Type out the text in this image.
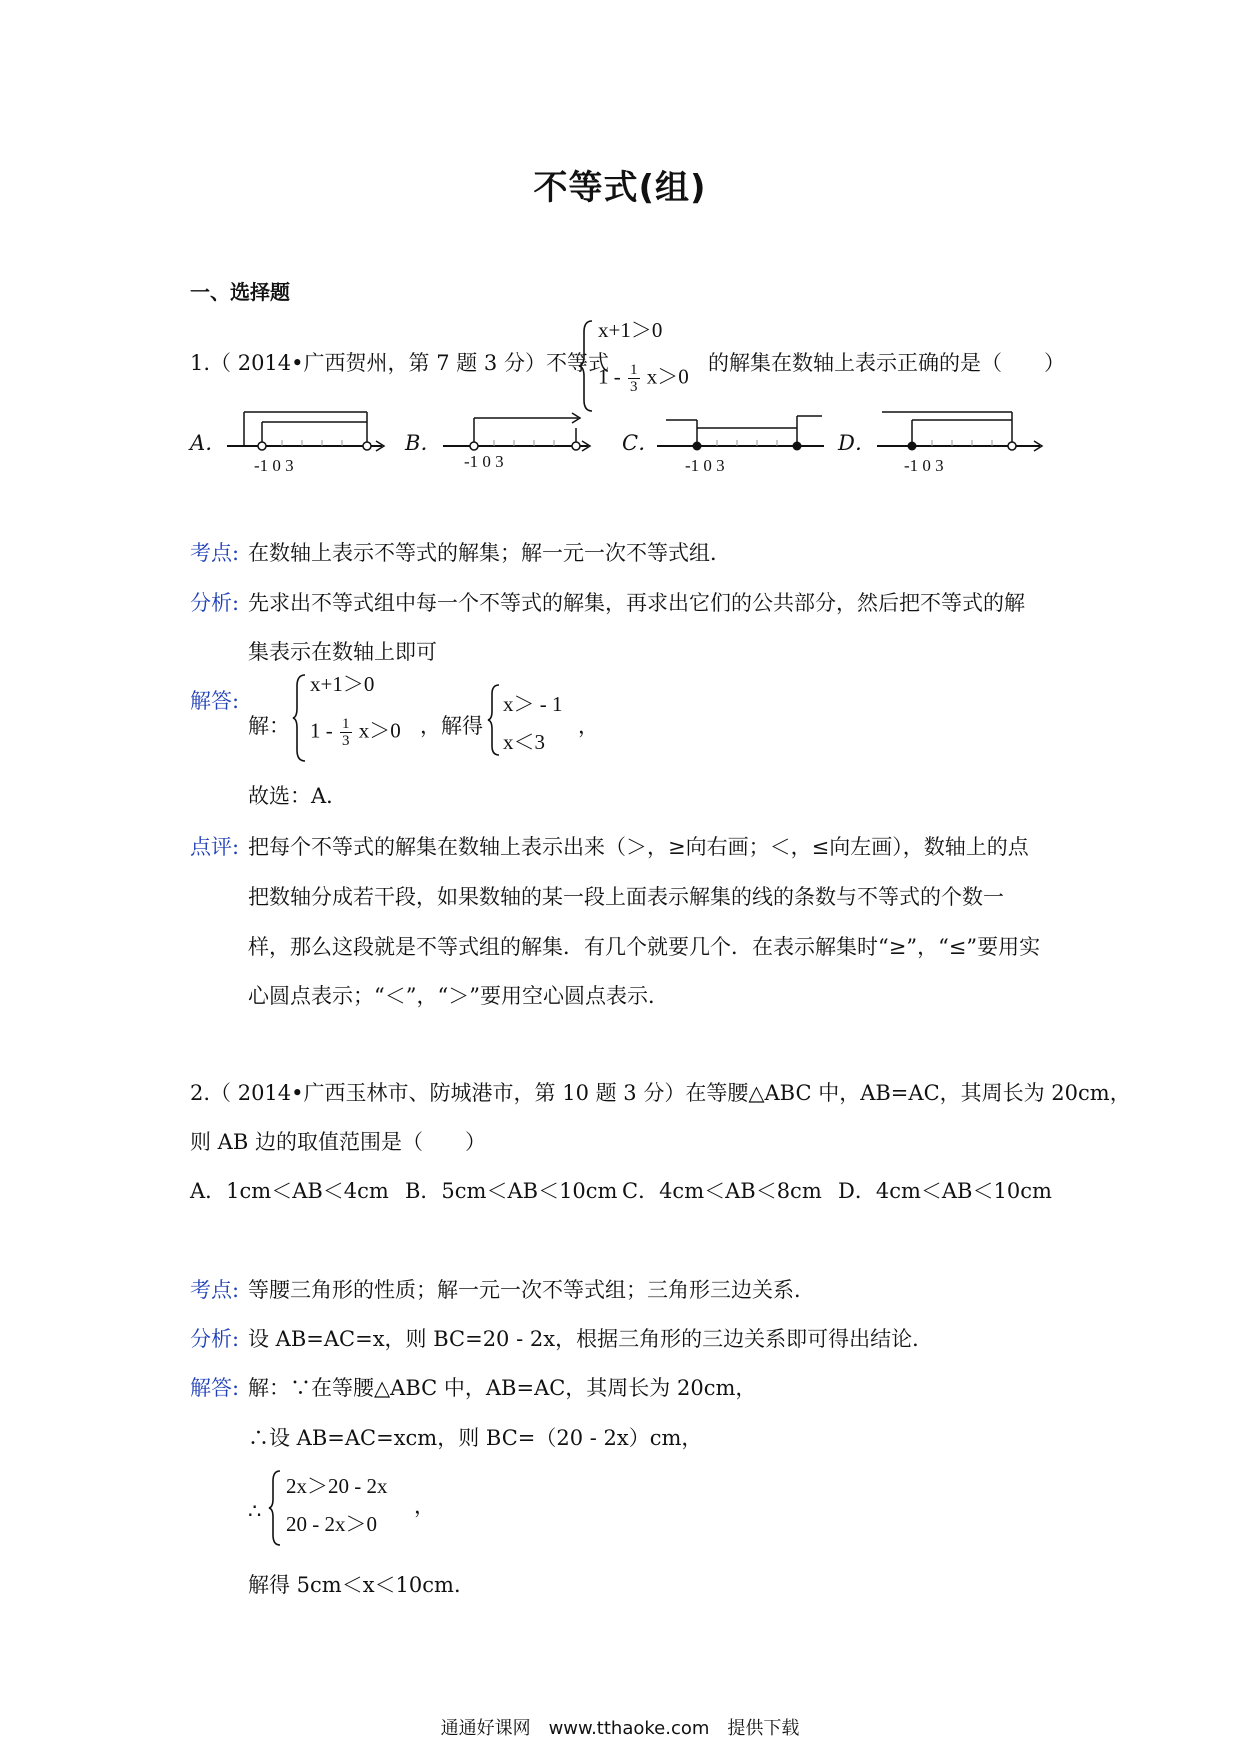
不等式(组)
一、选择题
1.（ 2014•广西贺州，第 7 题 3 分）不等式
x+1＞0
$1 - \frac{1}{3} x>0$
的解集在数轴上表示正确的是（　　）
A．
-1 0 3
B．
-1 0 3
C．
-1 0 3
D．
-1 0 3
考点: 在数轴上表示不等式的解集；解一元一次不等式组．
分析: 先求出不等式组中每一个不等式的解集，再求出它们的公共部分，然后把不等式的解
集表示在数轴上即可
解答:
解：
x+1＞0
$1 - \frac{1}{3} x>0$ ，解得
x＞ - 1
x＜3
，
故选：A．
点评: 把每个不等式的解集在数轴上表示出来（＞，≥向右画；＜，≤向左画），数轴上的点
把数轴分成若干段，如果数轴的某一段上面表示解集的线的条数与不等式的个数一
样，那么这段就是不等式组的解集．有几个就要几个．在表示解集时“≥”，“≤”要用实
心圆点表示；“＜”，“＞”要用空心圆点表示．
2.（ 2014•广西玉林市、防城港市，第 10 题 3 分）在等腰△ABC 中，AB=AC，其周长为 20cm，
则 AB 边的取值范围是（　　）
A．1cm＜AB＜4cm B．5cm＜AB＜10cm C．4cm＜AB＜8cm D．4cm＜AB＜10cm
考点: 等腰三角形的性质；解一元一次不等式组；三角形三边关系．
分析: 设 AB=AC=x，则 BC=20 - 2x，根据三角形的三边关系即可得出结论．
解答: 解：∵在等腰△ABC 中，AB=AC，其周长为 20cm，
∴设 AB=AC=xcm，则 BC=（20 - 2x）cm，
∴
2x＞20 - 2x
20 - 2x＞0
，
解得 5cm＜x＜10cm．
通通好课网　www.tthaoke.com　提供下载
